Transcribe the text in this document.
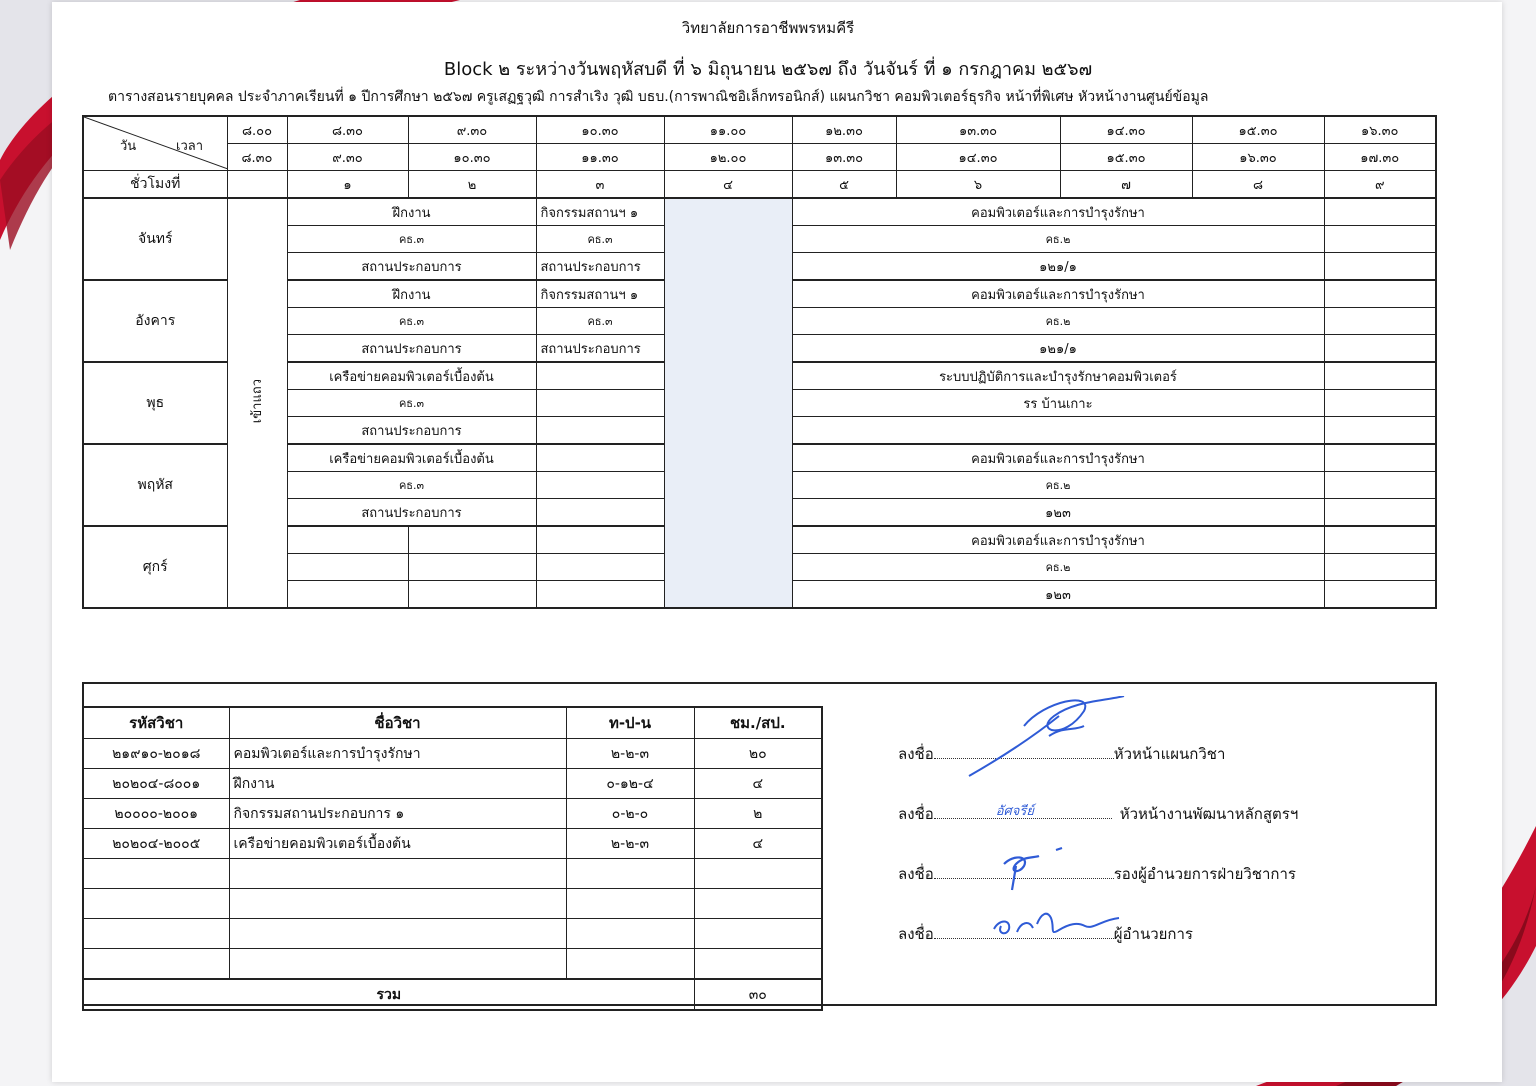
วิทยาลัยการอาชีพพรหมคีรี
Block ๒ ระหว่างวันพฤหัสบดี ที่ ๖ มิถุนายน ๒๕๖๗ ถึง วันจันร์ ที่ ๑ กรกฎาคม ๒๕๖๗
ตารางสอนรายบุคคล ประจำภาคเรียนที่ ๑ ปีการศึกษา ๒๕๖๗ ครูเสฏฐวุฒิ การสำเริง วุฒิ บธบ.(การพาณิชอิเล็กทรอนิกส์) แผนกวิชา คอมพิวเตอร์ธุรกิจ หน้าที่พิเศษ หัวหน้างานศูนย์ข้อมูล
วัน เวลา	๘.๐๐	๘.๓๐	๙.๓๐	๑๐.๓๐	๑๑.๐๐	๑๒.๓๐	๑๓.๓๐	๑๔.๓๐	๑๕.๓๐	๑๖.๓๐
	๘.๓๐	๙.๓๐	๑๐.๓๐	๑๑.๓๐	๑๒.๐๐	๑๓.๓๐	๑๔.๓๐	๑๕.๓๐	๑๖.๓๐	๑๗.๓๐
ชั่วโมงที่		๑	๒	๓	๔	๕	๖	๗	๘	๙
จันทร์	เข้าแถว	ฝึกงาน		กิจกรรมสถานฯ ๑		คอมพิวเตอร์และการบำรุงรักษา				
		คธ.๓		คธ.๓		คธ.๒				
		สถานประกอบการ		สถานประกอบการ		๑๒๑/๑				
อังคาร		ฝึกงาน		กิจกรรมสถานฯ ๑		คอมพิวเตอร์และการบำรุงรักษา				
		คธ.๓		คธ.๓		คธ.๒				
		สถานประกอบการ		สถานประกอบการ		๑๒๑/๑				
พุธ		เครือข่ายคอมพิวเตอร์เบื้องต้น				ระบบปฏิบัติการและบำรุงรักษาคอมพิวเตอร์				
		คธ.๓				รร บ้านเกาะ				
		สถานประกอบการ								
พฤหัส		เครือข่ายคอมพิวเตอร์เบื้องต้น				คอมพิวเตอร์และการบำรุงรักษา				
		คธ.๓				คธ.๒				
		สถานประกอบการ				๑๒๓				
ศุกร์						คอมพิวเตอร์และการบำรุงรักษา				
						คธ.๒				
						๑๒๓				
รหัสวิชา	ชื่อวิชา	ท-ป-น	ชม./สป.
๒๑๙๑๐-๒๐๑๘	คอมพิวเตอร์และการบำรุงรักษา	๒-๒-๓	๒๐
๒๐๒๐๔-๘๐๐๑	ฝึกงาน	๐-๑๒-๔	๔
๒๐๐๐๐-๒๐๐๑	กิจกรรมสถานประกอบการ ๑	๐-๒-๐	๒
๒๐๒๐๔-๒๐๐๕	เครือข่ายคอมพิวเตอร์เบื้องต้น	๒-๒-๓	๔

รวม			๓๐
ลงชื่อ	หัวหน้าแผนกวิชา
ลงชื่อ	อัศจรีย์	หัวหน้างานพัฒนาหลักสูตรฯ
ลงชื่อ	รองผู้อำนวยการฝ่ายวิชาการ
ลงชื่อ	ผู้อำนวยการ
